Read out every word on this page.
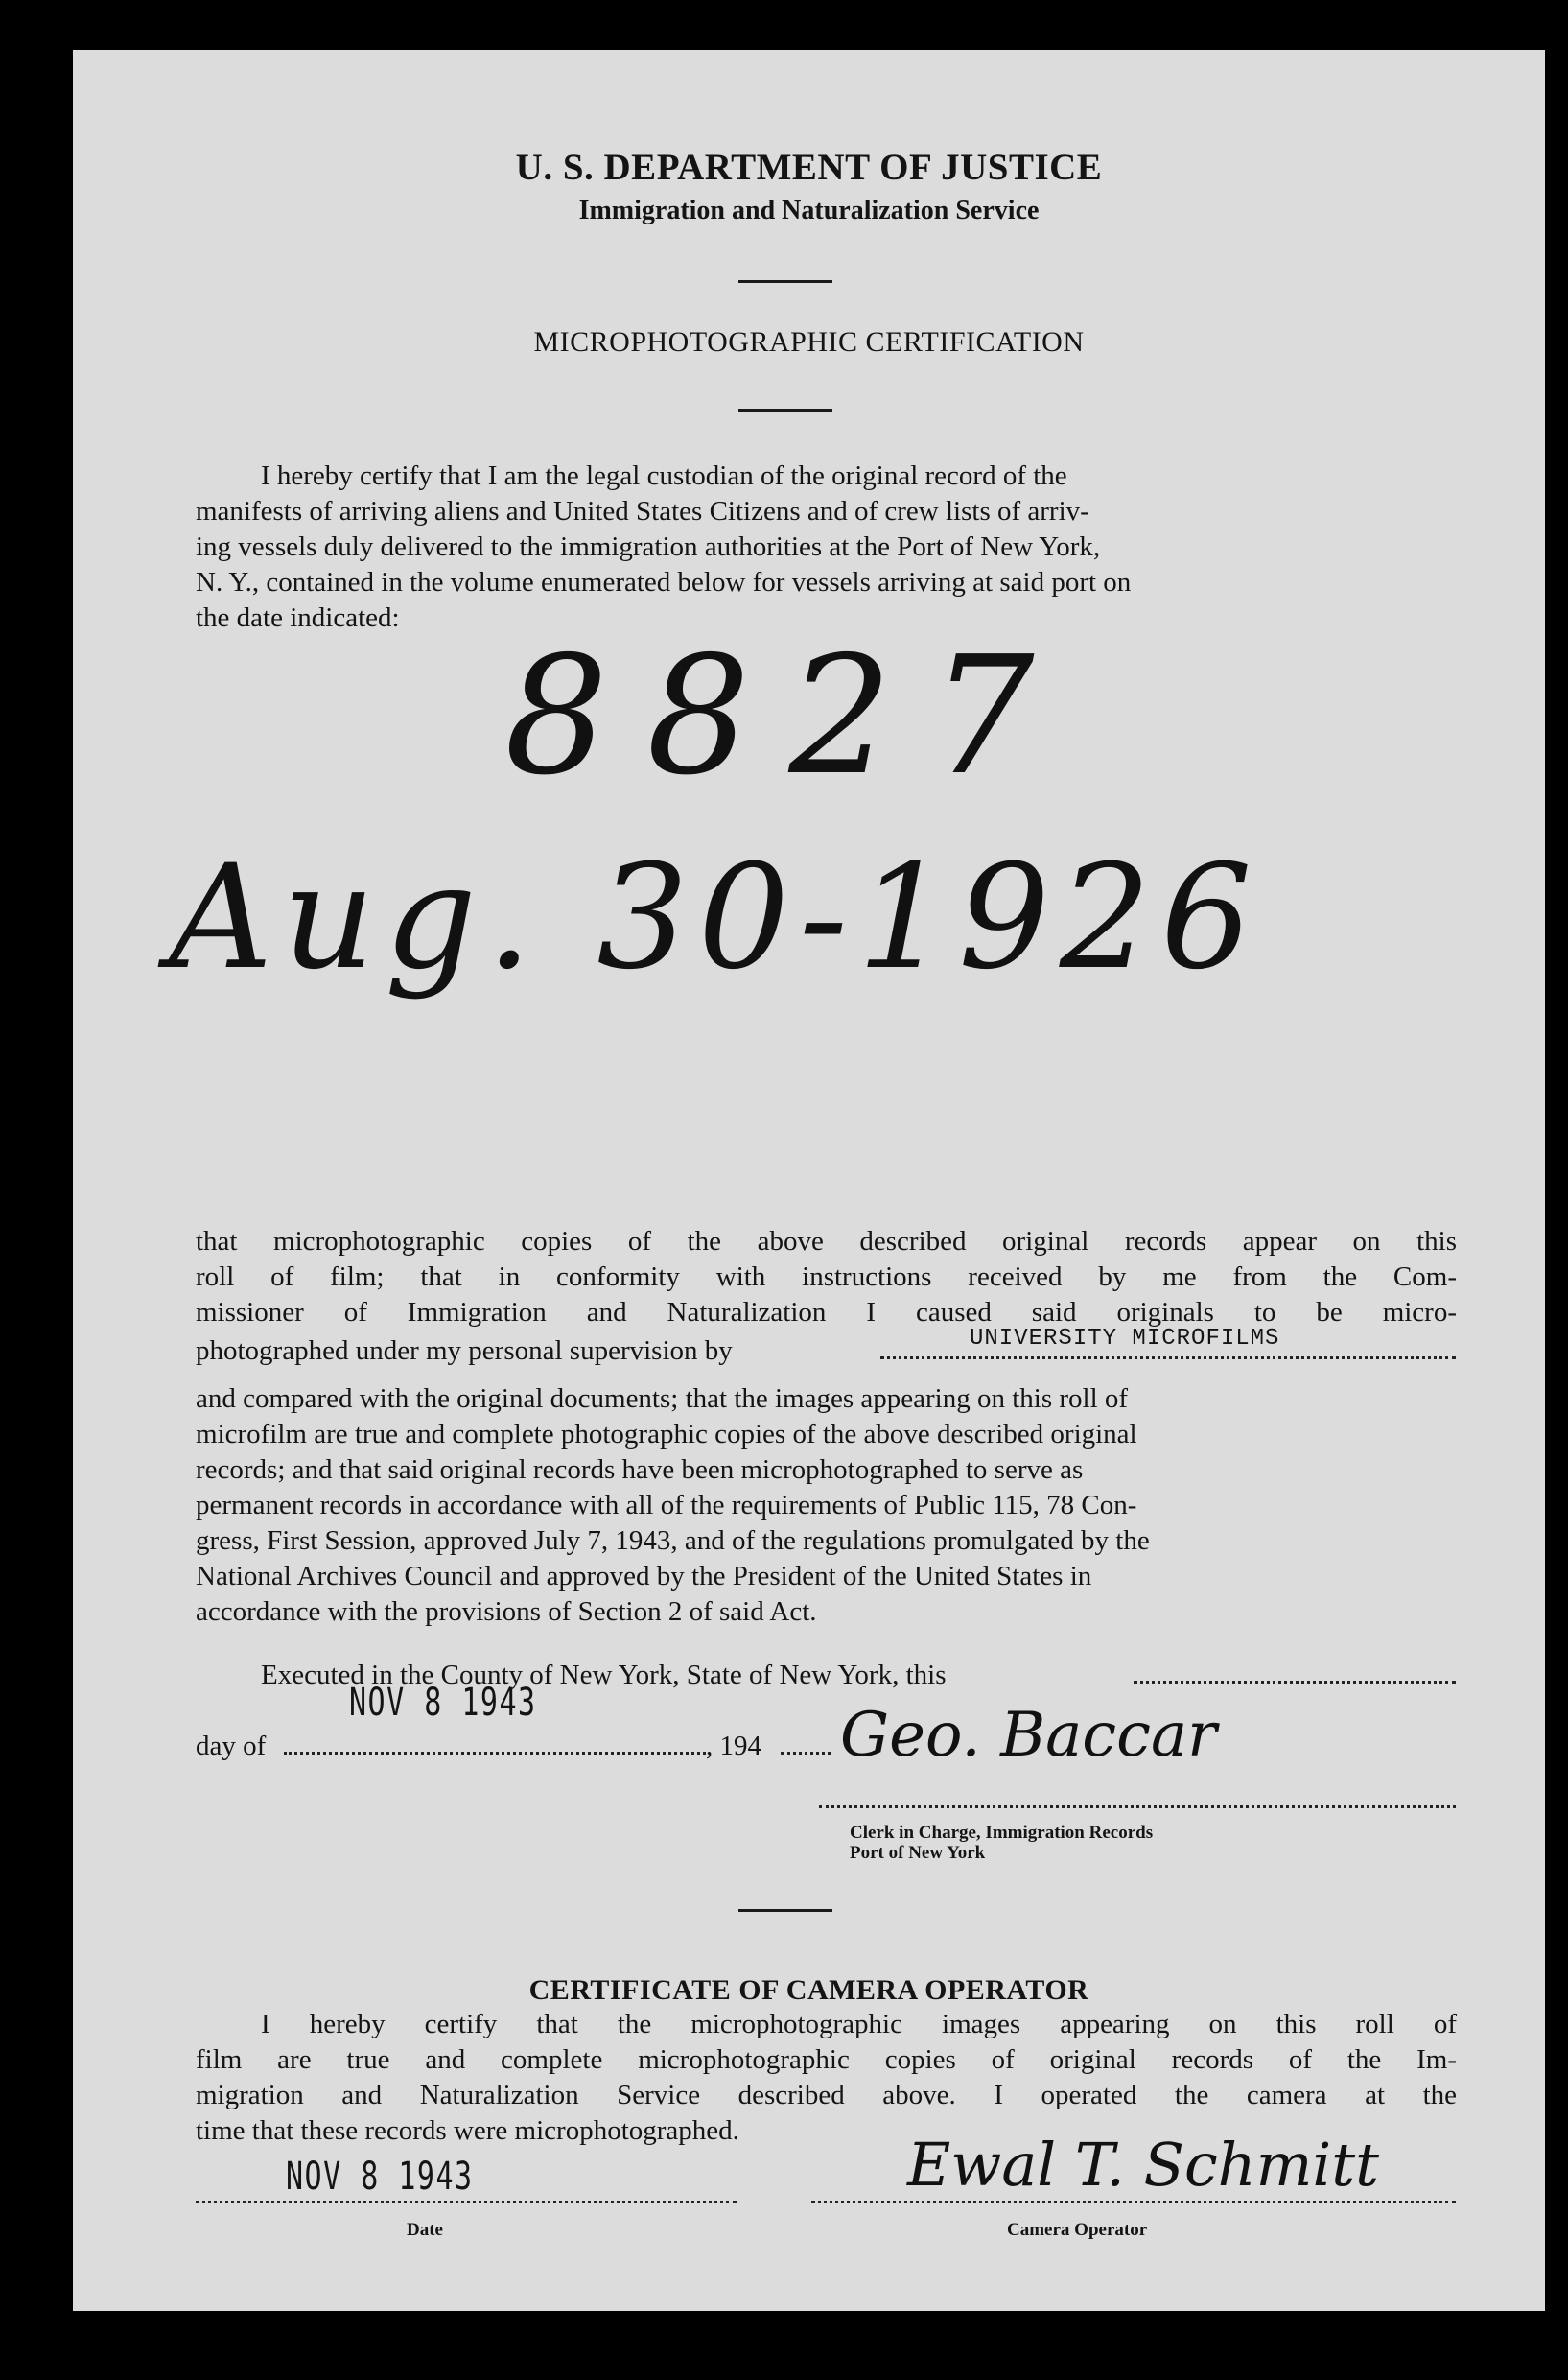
U. S. DEPARTMENT OF JUSTICE
Immigration and Naturalization Service
MICROPHOTOGRAPHIC CERTIFICATION
I hereby certify that I am the legal custodian of the original record of the
manifests of arriving aliens and United States Citizens and of crew lists of arriv-
ing vessels duly delivered to the immigration authorities at the Port of New York,
N. Y., contained in the volume enumerated below for vessels arriving at said port on
the date indicated:
8827
Aug. 30-1926
that microphotographic copies of the above described original records appear on this
roll of film; that in conformity with instructions received by me from the Com-
missioner of Immigration and Naturalization I caused said originals to be micro-
photographed under my personal supervision by	UNIVERSITY MICROFILMS
and compared with the original documents; that the images appearing on this roll of
microfilm are true and complete photographic copies of the above described original
records; and that said original records have been microphotographed to serve as
permanent records in accordance with all of the requirements of Public 115, 78 Con-
gress, First Session, approved July 7, 1943, and of the regulations promulgated by the
National Archives Council and approved by the President of the United States in
accordance with the provisions of Section 2 of said Act.
Executed in the County of New York, State of New York, this
day of
NOV 8 1943
, 194 Geo. Baccar
Clerk in Charge, Immigration Records
Port of New York
CERTIFICATE OF CAMERA OPERATOR
I hereby certify that the microphotographic images appearing on this roll of
film are true and complete microphotographic copies of original records of the Im-
migration and Naturalization Service described above. I operated the camera at the
time that these records were microphotographed.
NOV 8 1943
Date
Ewal T. Schmitt
Camera Operator
